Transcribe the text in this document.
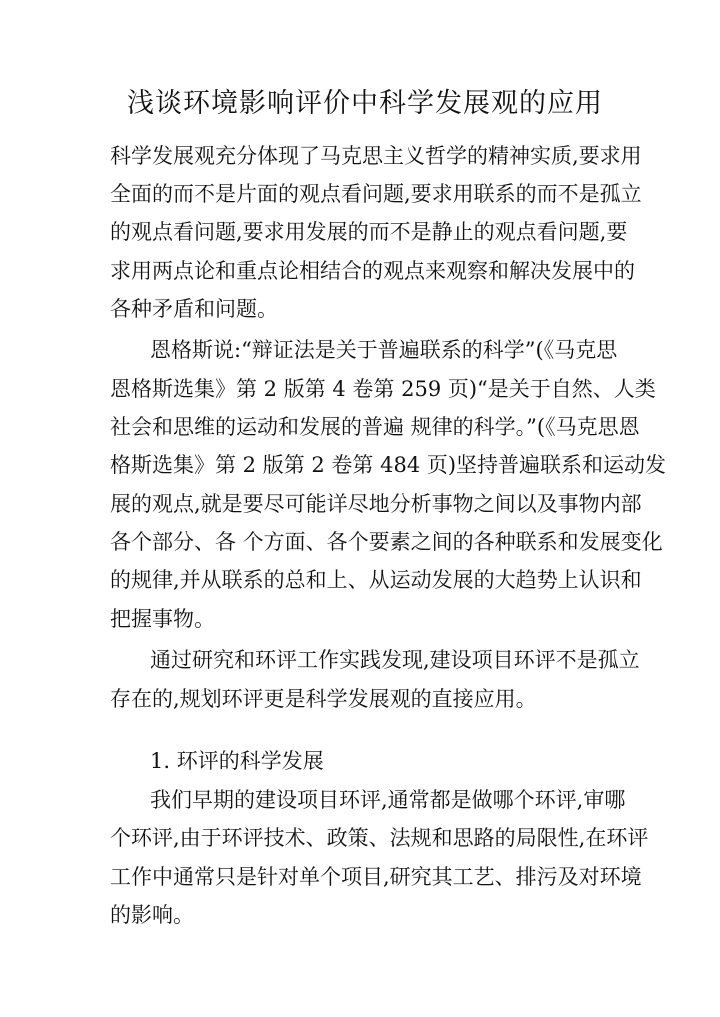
浅谈环境影响评价中科学发展观的应用
科学发展观充分体现了马克思主义哲学的精神实质,要求用
全面的而不是片面的观点看问题,要求用联系的而不是孤立
的观点看问题,要求用发展的而不是静止的观点看问题,要
求用两点论和重点论相结合的观点来观察和解决发展中的
各种矛盾和问题。
恩格斯说:“辩证法是关于普遍联系的科学”(《马克思
恩格斯选集》第 2 版第 4 卷第 259 页)“是关于自然、人类
社会和思维的运动和发展的普遍 规律的科学。”(《马克思恩
格斯选集》第 2 版第 2 卷第 484 页)坚持普遍联系和运动发
展的观点,就是要尽可能详尽地分析事物之间以及事物内部
各个部分、各 个方面、各个要素之间的各种联系和发展变化
的规律,并从联系的总和上、从运动发展的大趋势上认识和
把握事物。
通过研究和环评工作实践发现,建设项目环评不是孤立
存在的,规划环评更是科学发展观的直接应用。
1. 环评的科学发展
我们早期的建设项目环评,通常都是做哪个环评,审哪
个环评,由于环评技术、政策、法规和思路的局限性,在环评
工作中通常只是针对单个项目,研究其工艺、排污及对环境
的影响。
